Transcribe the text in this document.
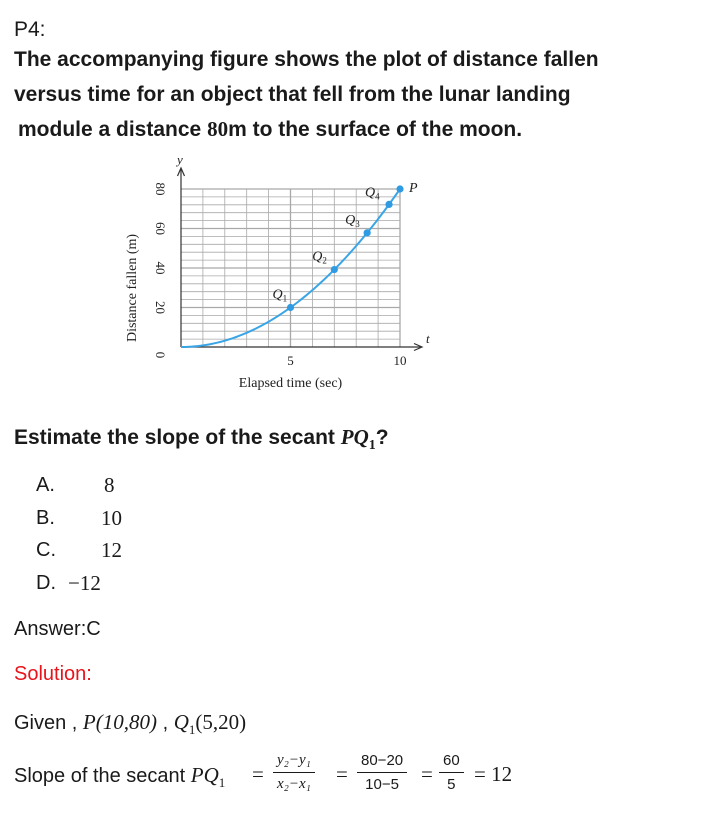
P4:
The accompanying figure shows the plot of distance fallen
versus time for an object that fell from the lunar landing
module a distance 80m to the surface of the moon.
y
t
0
20
40
60
80
5	10
Elapsed time (sec)
Distance fallen (m)	$Q_1$
$Q_2$
$Q_3$
$Q_4$
P
Estimate the slope of the secant $PQ_1$?
A. 8
B. 10
C. 12
D. −12
Answer:C
Solution:
Given , P(10,80) , $Q_1(5,20)$
Slope of the secant $PQ_1 = \frac{\text{y₂−y₁}}{\text{x₂−x₁}} = \frac{80-20}{10-5} = \frac{60}{5} = 12$
